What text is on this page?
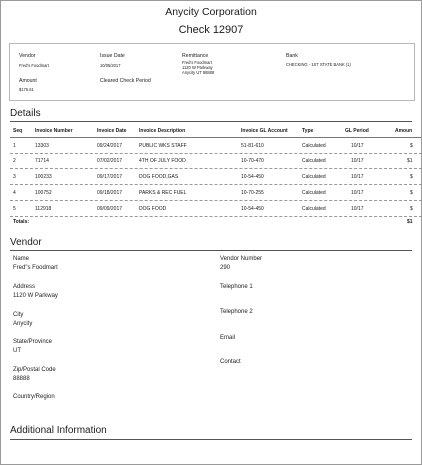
Anycity Corporation
Check 12907
Vendor
Fred's Foodmart
Issue Date
10/05/2017
Cleared Check Period
Remittance
Fred's Foodmart
1120 W Parkway
Anycity UT 88888
Bank
CHECKING - 1ST STATE BANK (1)
Amount
$175.61
Details
Seq	Invoice Number	Invoice Date	Invoice Description	Invoice GL Account	Type	GL Period	Amoun
1	13303	09/24/2017	PUBLIC WKS STAFF	51-81-610	Calculated	10/17	$
2	71714	07/02/2017	4TH OF JULY FOOD	10-70-470	Calculated	10/17	$1
3	100233	09/17/2017	DOG FOOD,GAS	10-54-450	Calculated	10/17	$
4	100752	09/18/2017	PARKS & REC FUEL	10-70-255	Calculated	10/17	$
5	112918	09/09/2017	DOG FOOD	10-54-450	Calculated	10/17	$
Totals:	$1
Vendor
Name
Fred"s Foodmart
Address
1120 W Parkway
City
Anycity
State/Province
UT
Zip/Postal Code
88888
Country/Region
Vendor Number
290
Telephone 1
Telephone 2
Email
Contact
Additional Information
